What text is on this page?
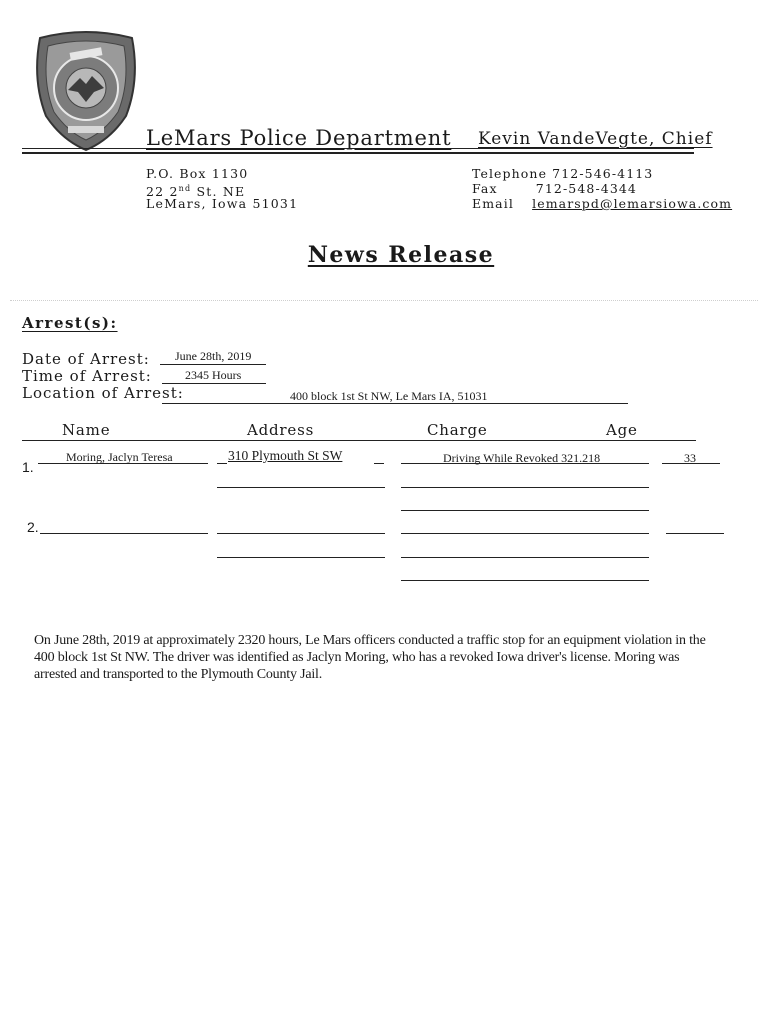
LeMars Police Department Kevin VandeVegte, Chief
P.O. Box 1130
22 2nd St. NE
LeMars, Iowa 51031
Telephone 712-546-4113
Fax	712-548-4344
Email lemarspd@lemarsiowa.com
News Release
Arrest(s):
Date of Arrest: June 28th, 2019
Time of Arrest:	2345 Hours
Location of Arrest:	400 block 1st St NW, Le Mars IA, 51031
Name	Address	Charge	Age
1.
Moring, Jaclyn Teresa	310 Plymouth St SW	Driving While Revoked 321.218	33
2.
On June 28th, 2019 at approximately 2320 hours, Le Mars officers conducted a traffic stop for an equipment violation in the 400 block 1st St NW. The driver was identified as Jaclyn Moring, who has a revoked Iowa driver's license. Moring was arrested and transported to the Plymouth County Jail.
